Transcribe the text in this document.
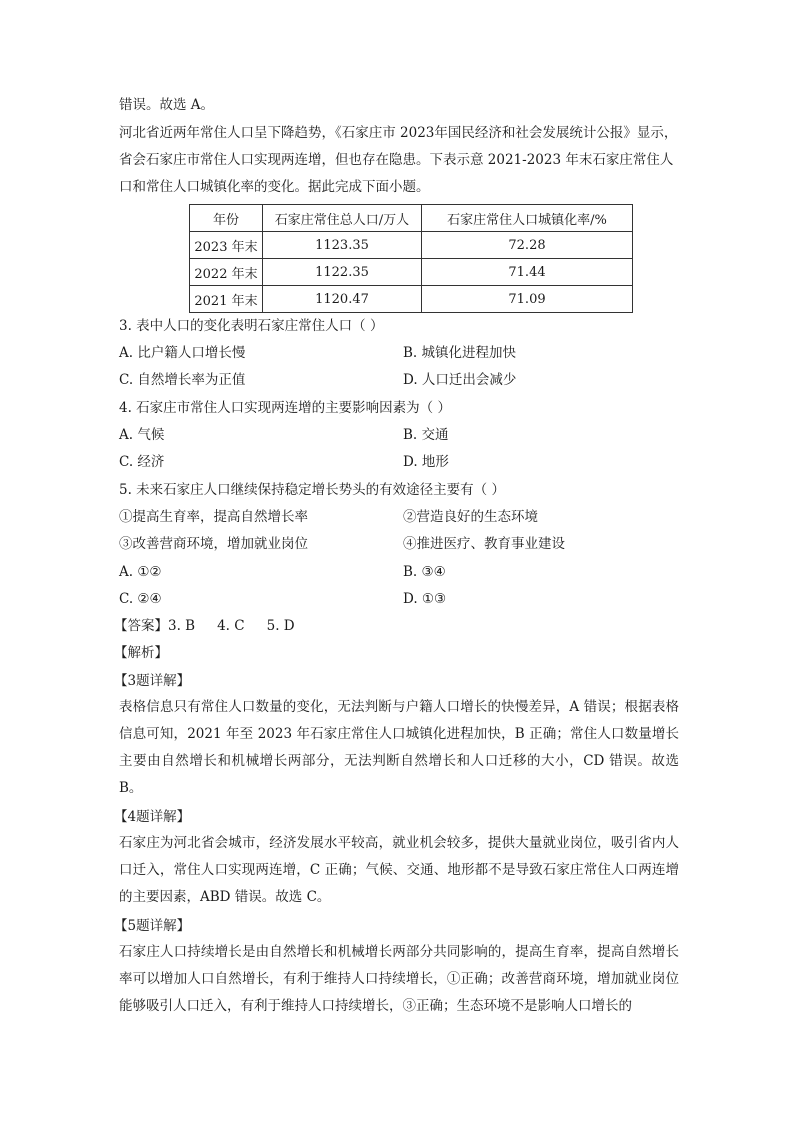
错误。故选 A。
河北省近两年常住人口呈下降趋势，《石家庄市 2023年国民经济和社会发展统计公报》显示，
省会石家庄市常住人口实现两连增，但也存在隐患。下表示意 2021-2023 年末石家庄常住人
口和常住人口城镇化率的变化。据此完成下面小题。
年份	石家庄常住总人口/万人	石家庄常住人口城镇化率/%
2023 年末	1123.35	72.28
2022 年末	1122.35	71.44
2021 年末	1120.47	71.09
3. 表中人口的变化表明石家庄常住人口（ ）
A. 比户籍人口增长慢	B. 城镇化进程加快
C. 自然增长率为正值	D. 人口迁出会减少
4. 石家庄市常住人口实现两连增的主要影响因素为（ ）
A. 气候	B. 交通
C. 经济	D. 地形
5. 未来石家庄人口继续保持稳定增长势头的有效途径主要有（ ）
①提高生育率，提高自然增长率	②营造良好的生态环境
③改善营商环境，增加就业岗位	④推进医疗、教育事业建设
A. ①②	B. ③④
C. ②④	D. ①③
【答案】3. B 4. C 5. D
【解析】
【3题详解】
表格信息只有常住人口数量的变化，无法判断与户籍人口增长的快慢差异，A 错误；根据表格信息可知，2021 年至 2023 年石家庄常住人口城镇化进程加快，B 正确；常住人口数量增长主要由自然增长和机械增长两部分，无法判断自然增长和人口迁移的大小，CD 错误。故选 B。
【4题详解】
石家庄为河北省会城市，经济发展水平较高，就业机会较多，提供大量就业岗位，吸引省内人口迁入，常住人口实现两连增，C 正确；气候、交通、地形都不是导致石家庄常住人口两连增的主要因素，ABD 错误。故选 C。
【5题详解】
石家庄人口持续增长是由自然增长和机械增长两部分共同影响的，提高生育率，提高自然增长率可以增加人口自然增长，有利于维持人口持续增长，①正确；改善营商环境，增加就业岗位能够吸引人口迁入，有利于维持人口持续增长，③正确；生态环境不是影响人口增长的
